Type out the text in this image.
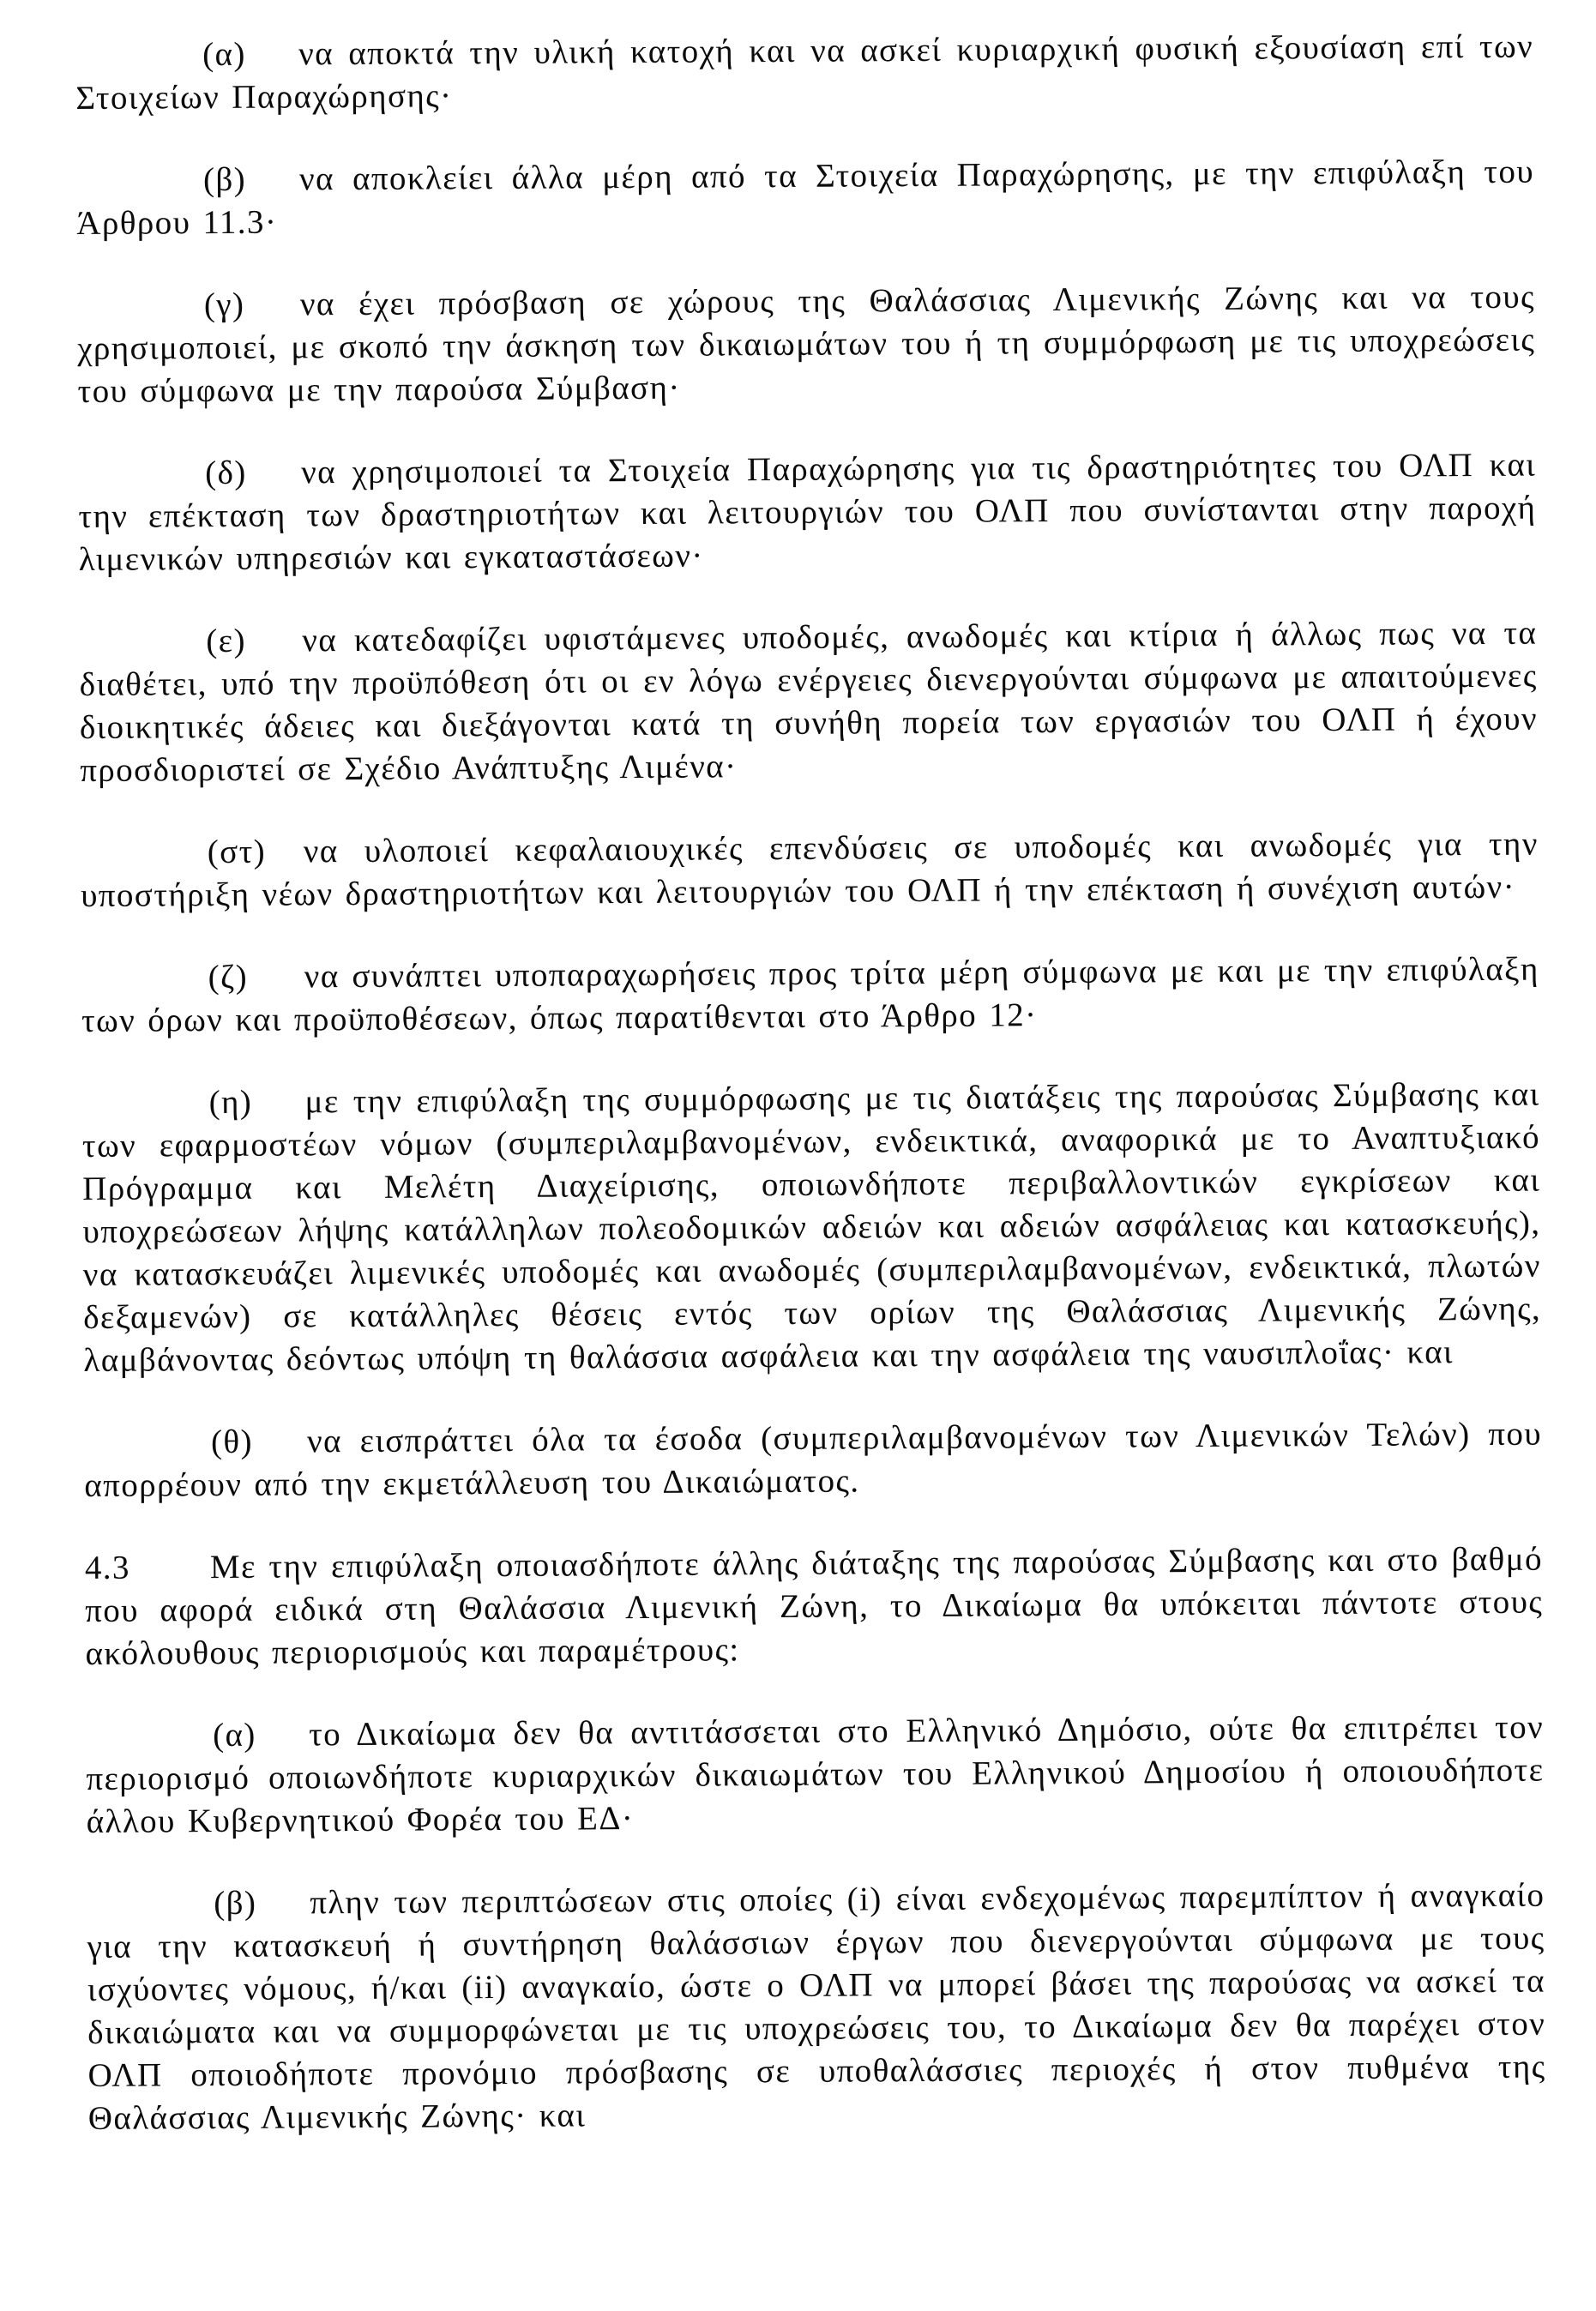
(α) να αποκτά την υλική κατοχή και να ασκεί κυριαρχική φυσική εξουσίαση επί των Στοιχείων Παραχώρησης·

(β) να αποκλείει άλλα μέρη από τα Στοιχεία Παραχώρησης, με την επιφύλαξη του Άρθρου 11.3·

(γ) να έχει πρόσβαση σε χώρους της Θαλάσσιας Λιμενικής Ζώνης και να τους χρησιμοποιεί, με σκοπό την άσκηση των δικαιωμάτων του ή τη συμμόρφωση με τις υποχρεώσεις του σύμφωνα με την παρούσα Σύμβαση·

(δ) να χρησιμοποιεί τα Στοιχεία Παραχώρησης για τις δραστηριότητες του ΟΛΠ και την επέκταση των δραστηριοτήτων και λειτουργιών του ΟΛΠ που συνίστανται στην παροχή λιμενικών υπηρεσιών και εγκαταστάσεων·

(ε) να κατεδαφίζει υφιστάμενες υποδομές, ανωδομές και κτίρια ή άλλως πως να τα διαθέτει, υπό την προϋπόθεση ότι οι εν λόγω ενέργειες διενεργούνται σύμφωνα με απαιτούμενες διοικητικές άδειες και διεξάγονται κατά τη συνήθη πορεία των εργασιών του ΟΛΠ ή έχουν προσδιοριστεί σε Σχέδιο Ανάπτυξης Λιμένα·

(στ) να υλοποιεί κεφαλαιουχικές επενδύσεις σε υποδομές και ανωδομές για την υποστήριξη νέων δραστηριοτήτων και λειτουργιών του ΟΛΠ ή την επέκταση ή συνέχιση αυτών·

(ζ) να συνάπτει υποπαραχωρήσεις προς τρίτα μέρη σύμφωνα με και με την επιφύλαξη των όρων και προϋποθέσεων, όπως παρατίθενται στο Άρθρο 12·

(η) με την επιφύλαξη της συμμόρφωσης με τις διατάξεις της παρούσας Σύμβασης και των εφαρμοστέων νόμων (συμπεριλαμβανομένων, ενδεικτικά, αναφορικά με το Αναπτυξιακό Πρόγραμμα και Μελέτη Διαχείρισης, οποιωνδήποτε περιβαλλοντικών εγκρίσεων και υποχρεώσεων λήψης κατάλληλων πολεοδομικών αδειών και αδειών ασφάλειας και κατασκευής), να κατασκευάζει λιμενικές υποδομές και ανωδομές (συμπεριλαμβανομένων, ενδεικτικά, πλωτών δεξαμενών) σε κατάλληλες θέσεις εντός των ορίων της Θαλάσσιας Λιμενικής Ζώνης, λαμβάνοντας δεόντως υπόψη τη θαλάσσια ασφάλεια και την ασφάλεια της ναυσιπλοΐας· και

(θ) να εισπράττει όλα τα έσοδα (συμπεριλαμβανομένων των Λιμενικών Τελών) που απορρέουν από την εκμετάλλευση του Δικαιώματος.

4.3 Με την επιφύλαξη οποιασδήποτε άλλης διάταξης της παρούσας Σύμβασης και στο βαθμό που αφορά ειδικά στη Θαλάσσια Λιμενική Ζώνη, το Δικαίωμα θα υπόκειται πάντοτε στους ακόλουθους περιορισμούς και παραμέτρους:

(α) το Δικαίωμα δεν θα αντιτάσσεται στο Ελληνικό Δημόσιο, ούτε θα επιτρέπει τον περιορισμό οποιωνδήποτε κυριαρχικών δικαιωμάτων του Ελληνικού Δημοσίου ή οποιουδήποτε άλλου Κυβερνητικού Φορέα του ΕΔ·

(β) πλην των περιπτώσεων στις οποίες (i) είναι ενδεχομένως παρεμπίπτον ή αναγκαίο για την κατασκευή ή συντήρηση θαλάσσιων έργων που διενεργούνται σύμφωνα με τους ισχύοντες νόμους, ή/και (ii) αναγκαίο, ώστε ο ΟΛΠ να μπορεί βάσει της παρούσας να ασκεί τα δικαιώματα και να συμμορφώνεται με τις υποχρεώσεις του, το Δικαίωμα δεν θα παρέχει στον ΟΛΠ οποιοδήποτε προνόμιο πρόσβασης σε υποθαλάσσιες περιοχές ή στον πυθμένα της Θαλάσσιας Λιμενικής Ζώνης· και
